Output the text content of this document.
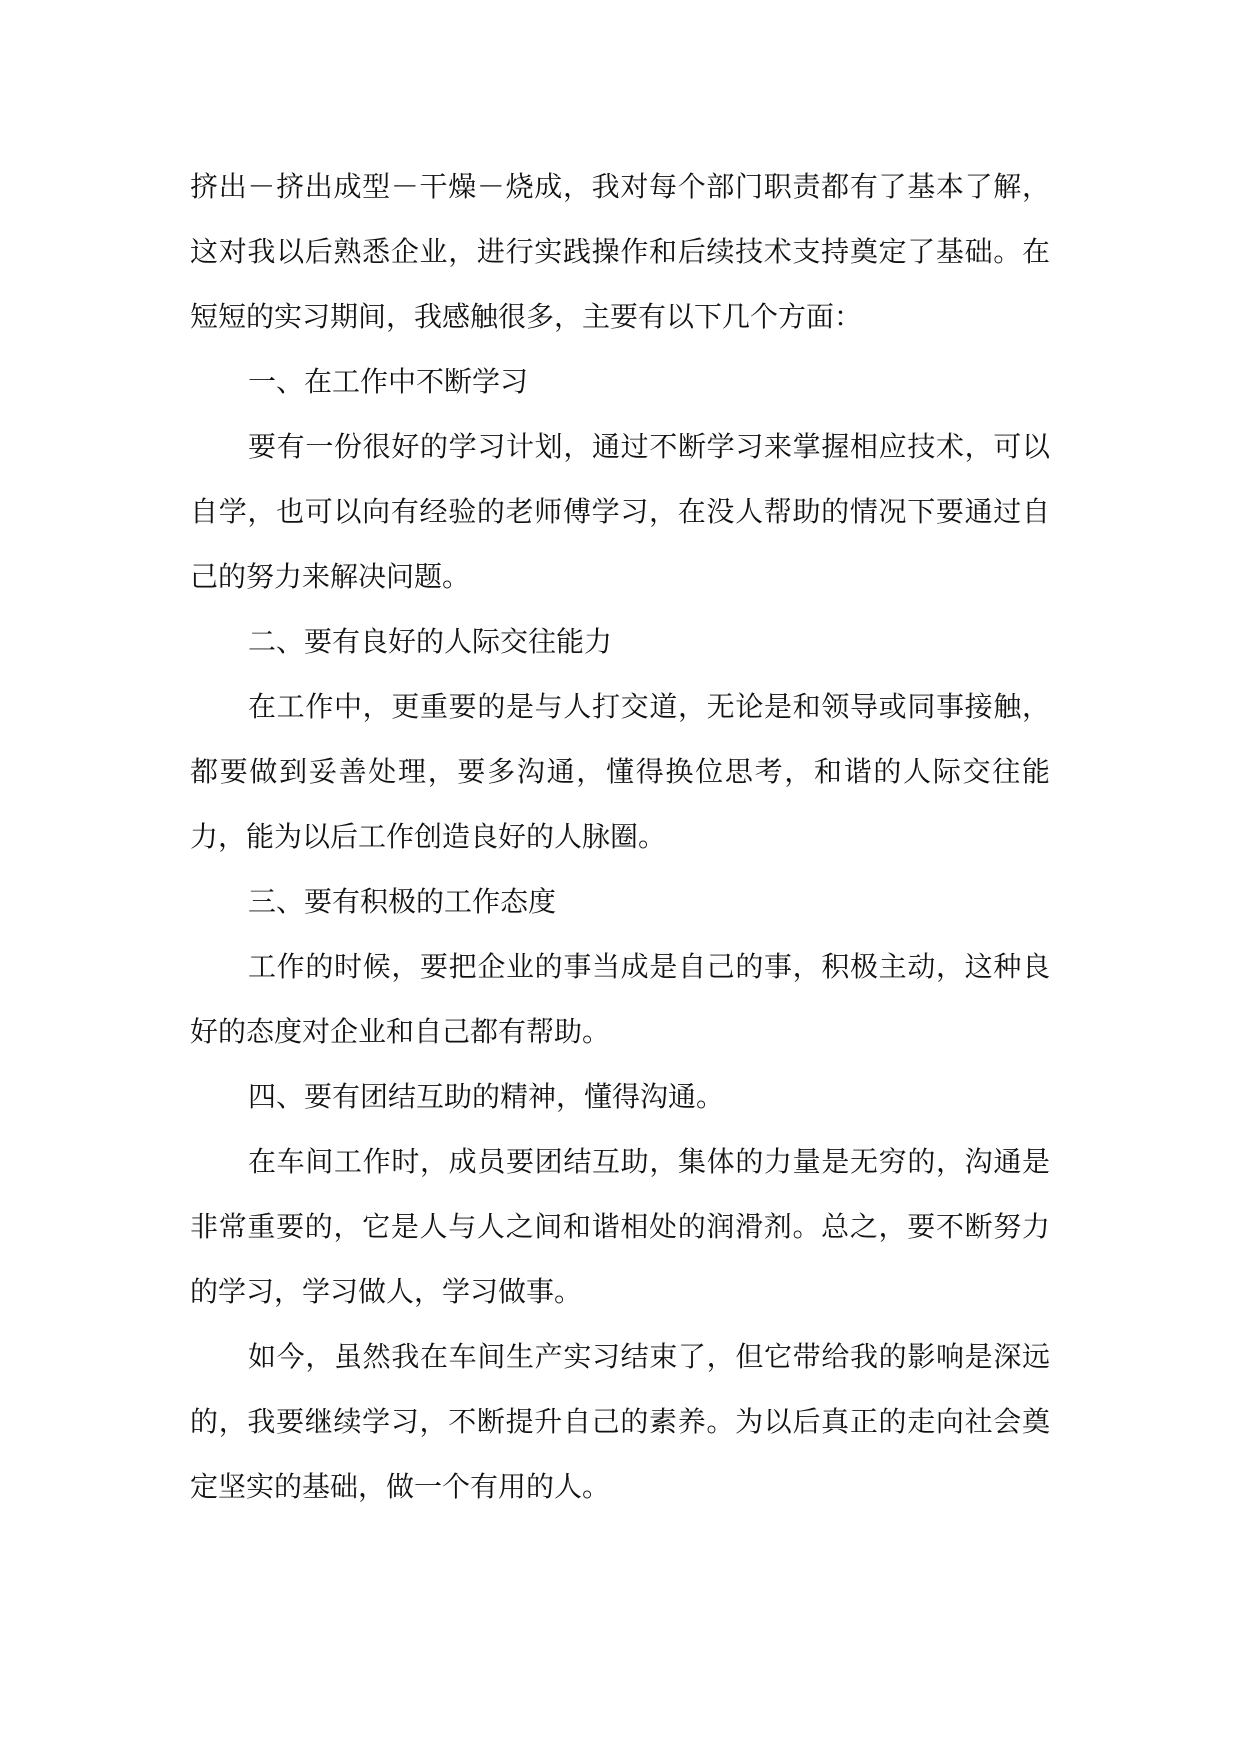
挤出－挤出成型－干燥－烧成，我对每个部门职责都有了基本了解，这对我以后熟悉企业，进行实践操作和后续技术支持奠定了基础。在短短的实习期间，我感触很多，主要有以下几个方面：

一、在工作中不断学习

要有一份很好的学习计划，通过不断学习来掌握相应技术，可以自学，也可以向有经验的老师傅学习，在没人帮助的情况下要通过自己的努力来解决问题。

二、要有良好的人际交往能力

在工作中，更重要的是与人打交道，无论是和领导或同事接触，都要做到妥善处理，要多沟通，懂得换位思考，和谐的人际交往能力，能为以后工作创造良好的人脉圈。

三、要有积极的工作态度

工作的时候，要把企业的事当成是自己的事，积极主动，这种良好的态度对企业和自己都有帮助。

四、要有团结互助的精神，懂得沟通。

在车间工作时，成员要团结互助，集体的力量是无穷的，沟通是非常重要的，它是人与人之间和谐相处的润滑剂。总之，要不断努力的学习，学习做人，学习做事。

如今，虽然我在车间生产实习结束了，但它带给我的影响是深远的，我要继续学习，不断提升自己的素养。为以后真正的走向社会奠定坚实的基础，做一个有用的人。
